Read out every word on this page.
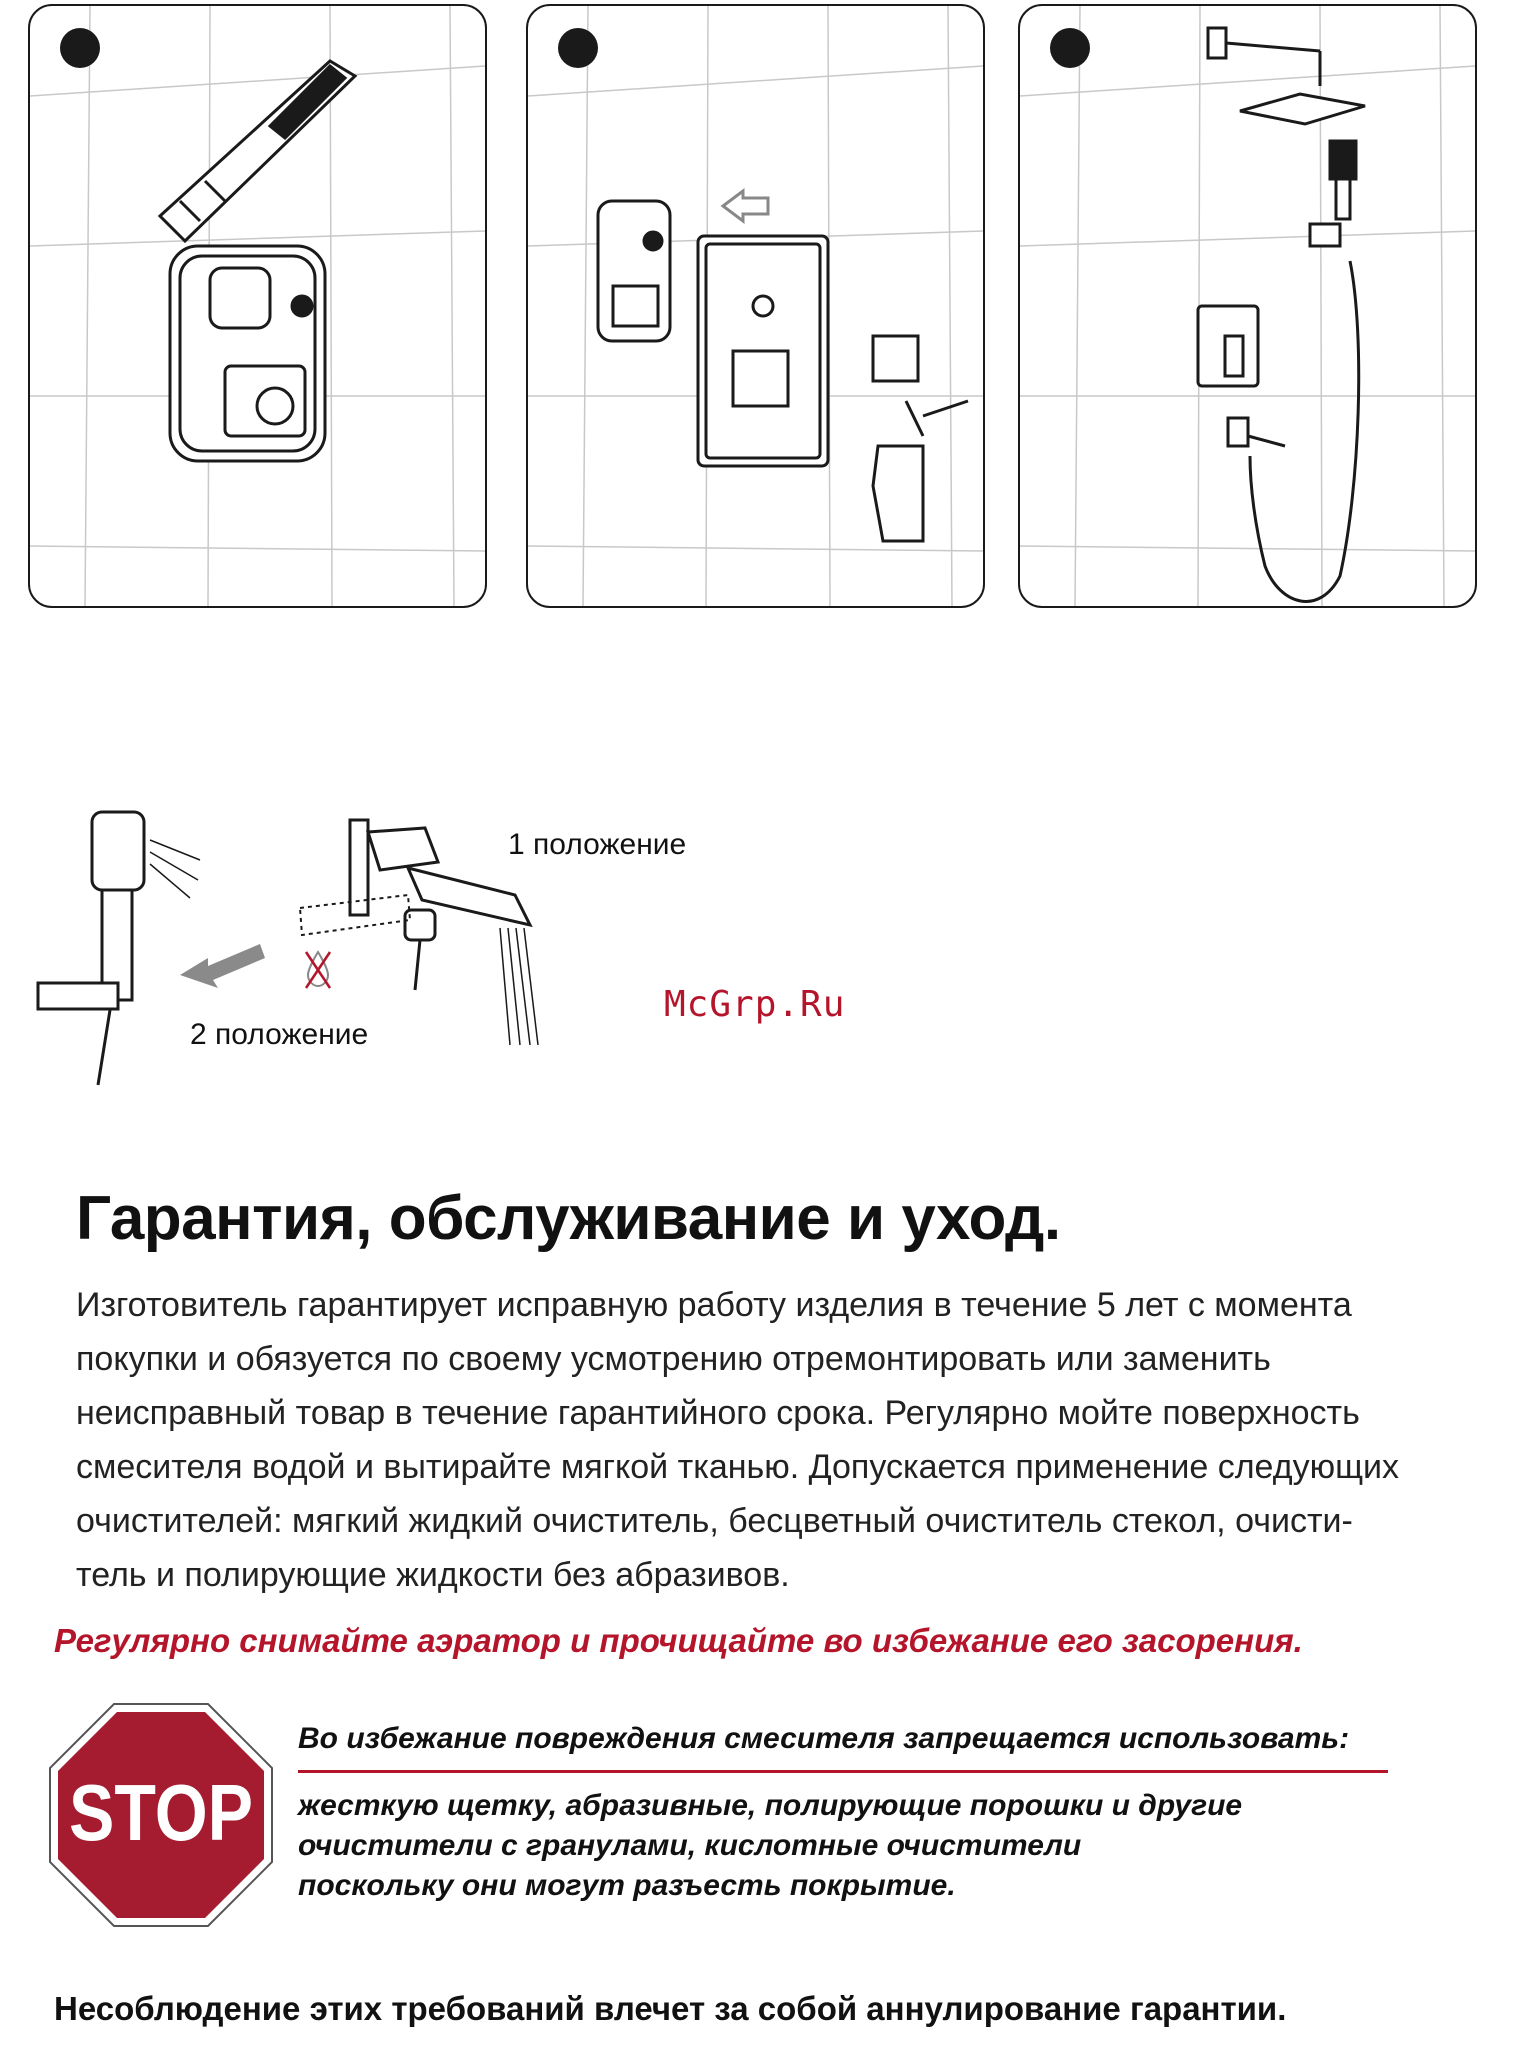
1 положение
2 положение
McGrp.Ru
Гарантия, обслуживание и уход.
Изготовитель гарантирует исправную работу изделия в течение 5 лет с момента
покупки и обязуется по своему усмотрению отремонтировать или заменить
неисправный товар в течение гарантийного срока. Регулярно мойте поверхность
смесителя водой и вытирайте мягкой тканью. Допускается применение следующих
очистителей: мягкий жидкий очиститель, бесцветный очиститель стекол, очисти-
тель и полирующие жидкости без абразивов.
Регулярно снимайте аэратор и прочищайте во избежание его засорения.
STOP
Во избежание повреждения смесителя запрещается использовать:
жесткую щетку, абразивные, полирующие порошки и другие
очистители с гранулами, кислотные очистители
поскольку они могут разъесть покрытие.
Несоблюдение этих требований влечет за собой аннулирование гарантии.
